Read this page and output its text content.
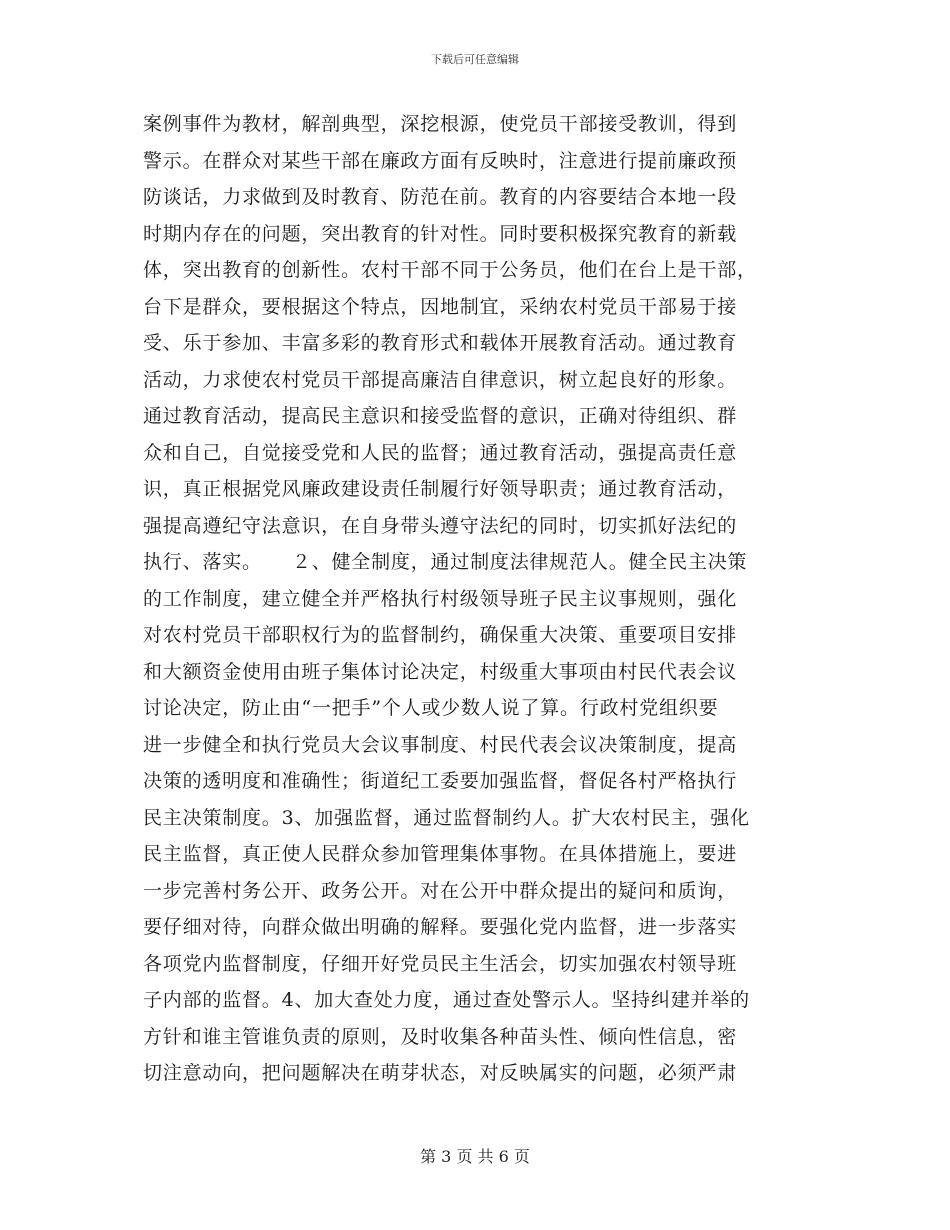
下载后可任意编辑
案例事件为教材，解剖典型，深挖根源，使党员干部接受教训，得到
警示。在群众对某些干部在廉政方面有反映时，注意进行提前廉政预
防谈话，力求做到及时教育、防范在前。教育的内容要结合本地一段
时期内存在的问题，突出教育的针对性。同时要积极探究教育的新载
体，突出教育的创新性。农村干部不同于公务员，他们在台上是干部，
台下是群众，要根据这个特点，因地制宜，采纳农村党员干部易于接
受、乐于参加、丰富多彩的教育形式和载体开展教育活动。通过教育
活动，力求使农村党员干部提高廉洁自律意识，树立起良好的形象。
通过教育活动，提高民主意识和接受监督的意识，正确对待组织、群
众和自己，自觉接受党和人民的监督；通过教育活动，强提高责任意
识，真正根据党风廉政建设责任制履行好领导职责；通过教育活动，
强提高遵纪守法意识，在自身带头遵守法纪的同时，切实抓好法纪的
执行、落实。　　２、健全制度，通过制度法律规范人。健全民主决策
的工作制度，建立健全并严格执行村级领导班子民主议事规则，强化
对农村党员干部职权行为的监督制约，确保重大决策、重要项目安排
和大额资金使用由班子集体讨论决定，村级重大事项由村民代表会议
讨论决定，防止由“一把手”个人或少数人说了算。行政村党组织要
进一步健全和执行党员大会议事制度、村民代表会议决策制度，提高
决策的透明度和准确性；街道纪工委要加强监督，督促各村严格执行
民主决策制度。3、加强监督，通过监督制约人。扩大农村民主，强化
民主监督，真正使人民群众参加管理集体事物。在具体措施上，要进
一步完善村务公开、政务公开。对在公开中群众提出的疑问和质询，
要仔细对待，向群众做出明确的解释。要强化党内监督，进一步落实
各项党内监督制度，仔细开好党员民主生活会，切实加强农村领导班
子内部的监督。4、加大查处力度，通过查处警示人。坚持纠建并举的
方针和谁主管谁负责的原则，及时收集各种苗头性、倾向性信息，密
切注意动向，把问题解决在萌芽状态，对反映属实的问题，必须严肃
第 3 页 共 6 页
